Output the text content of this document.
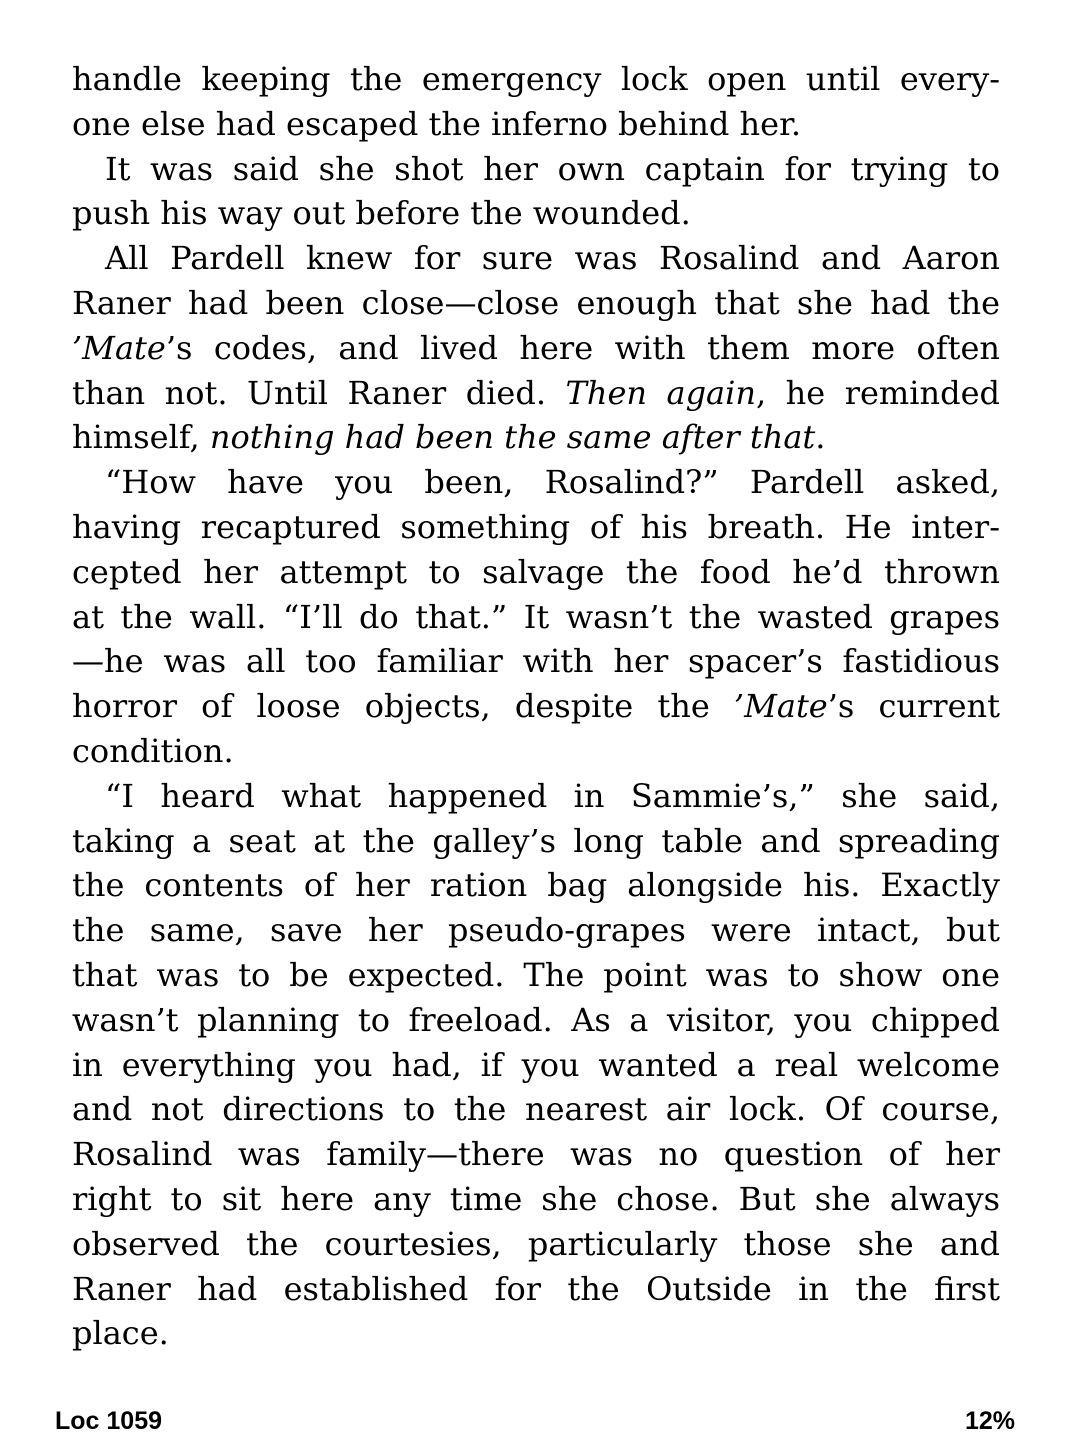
handle keeping the emergency lock open until every-
one else had escaped the inferno behind her.
It was said she shot her own captain for trying to
push his way out before the wounded.
All Pardell knew for sure was Rosalind and Aaron
Raner had been close—close enough that she had the
’Mate’s codes, and lived here with them more often
than not. Until Raner died. Then again, he reminded
himself, nothing had been the same after that.
“How have you been, Rosalind?” Pardell asked,
having recaptured something of his breath. He inter-
cepted her attempt to salvage the food he’d thrown
at the wall. “I’ll do that.” It wasn’t the wasted grapes
—he was all too familiar with her spacer’s fastidious
horror of loose objects, despite the ’Mate’s current
condition.
“I heard what happened in Sammie’s,” she said,
taking a seat at the galley’s long table and spreading
the contents of her ration bag alongside his. Exactly
the same, save her pseudo-grapes were intact, but
that was to be expected. The point was to show one
wasn’t planning to freeload. As a visitor, you chipped
in everything you had, if you wanted a real welcome
and not directions to the nearest air lock. Of course,
Rosalind was family—there was no question of her
right to sit here any time she chose. But she always
observed the courtesies, particularly those she and
Raner had established for the Outside in the first
place.
Loc 1059	12%
